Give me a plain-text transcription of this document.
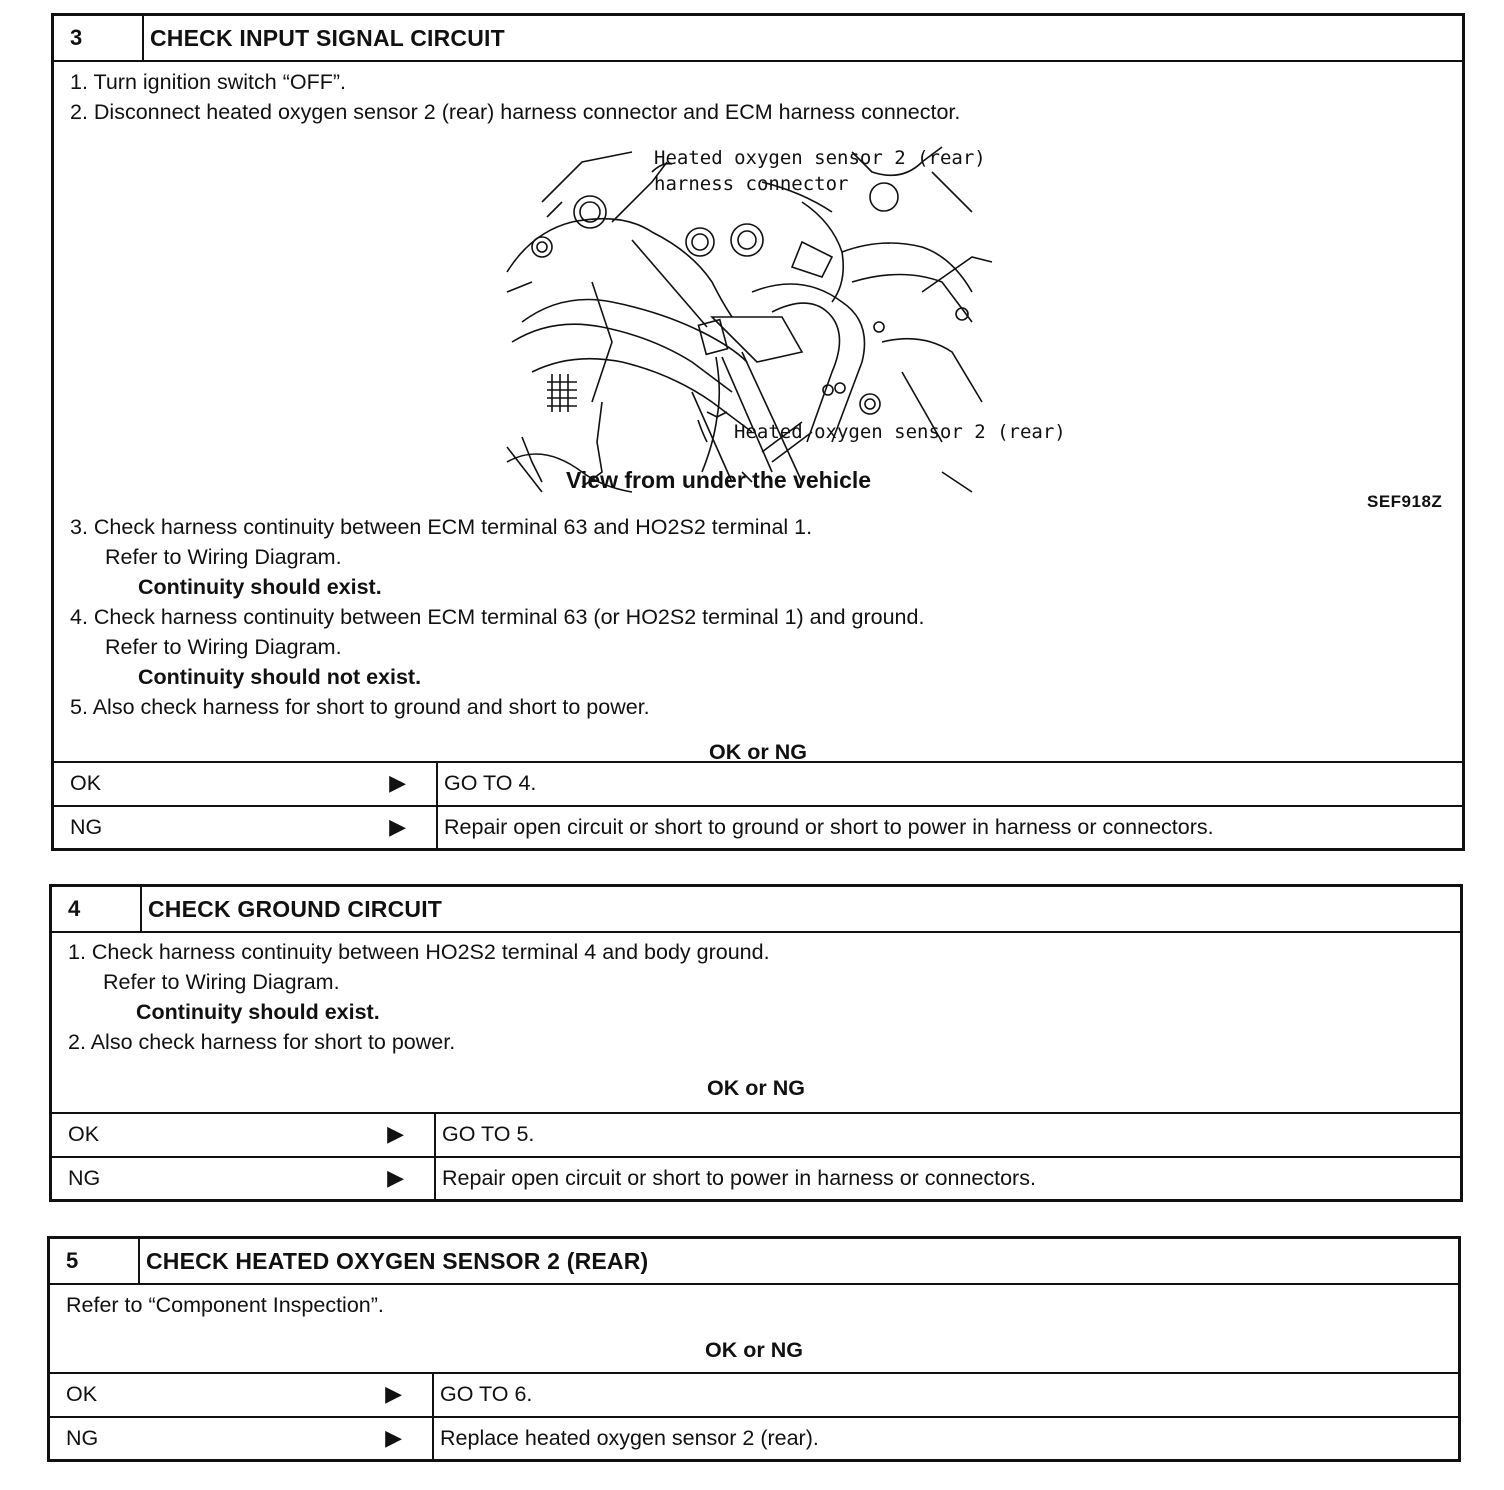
3	CHECK INPUT SIGNAL CIRCUIT
1. Turn ignition switch “OFF”.
2. Disconnect heated oxygen sensor 2 (rear) harness connector and ECM harness connector.
Heated oxygen sensor 2 (rear)
harness connector
Heated oxygen sensor 2 (rear)
View from under the vehicle
SEF918Z
3. Check harness continuity between ECM terminal 63 and HO2S2 terminal 1.
Refer to Wiring Diagram.
Continuity should exist.
4. Check harness continuity between ECM terminal 63 (or HO2S2 terminal 1) and ground.
Refer to Wiring Diagram.
Continuity should not exist.
5. Also check harness for short to ground and short to power.
OK or NG
OK	▶ GO TO 4.
NG	▶ Repair open circuit or short to ground or short to power in harness or connectors.
4	CHECK GROUND CIRCUIT
1. Check harness continuity between HO2S2 terminal 4 and body ground.
Refer to Wiring Diagram.
Continuity should exist.
2. Also check harness for short to power.
OK or NG
OK	▶ GO TO 5.
NG	▶ Repair open circuit or short to power in harness or connectors.
5	CHECK HEATED OXYGEN SENSOR 2 (REAR)
Refer to “Component Inspection”.
OK or NG
OK	▶ GO TO 6.
NG	▶ Replace heated oxygen sensor 2 (rear).
